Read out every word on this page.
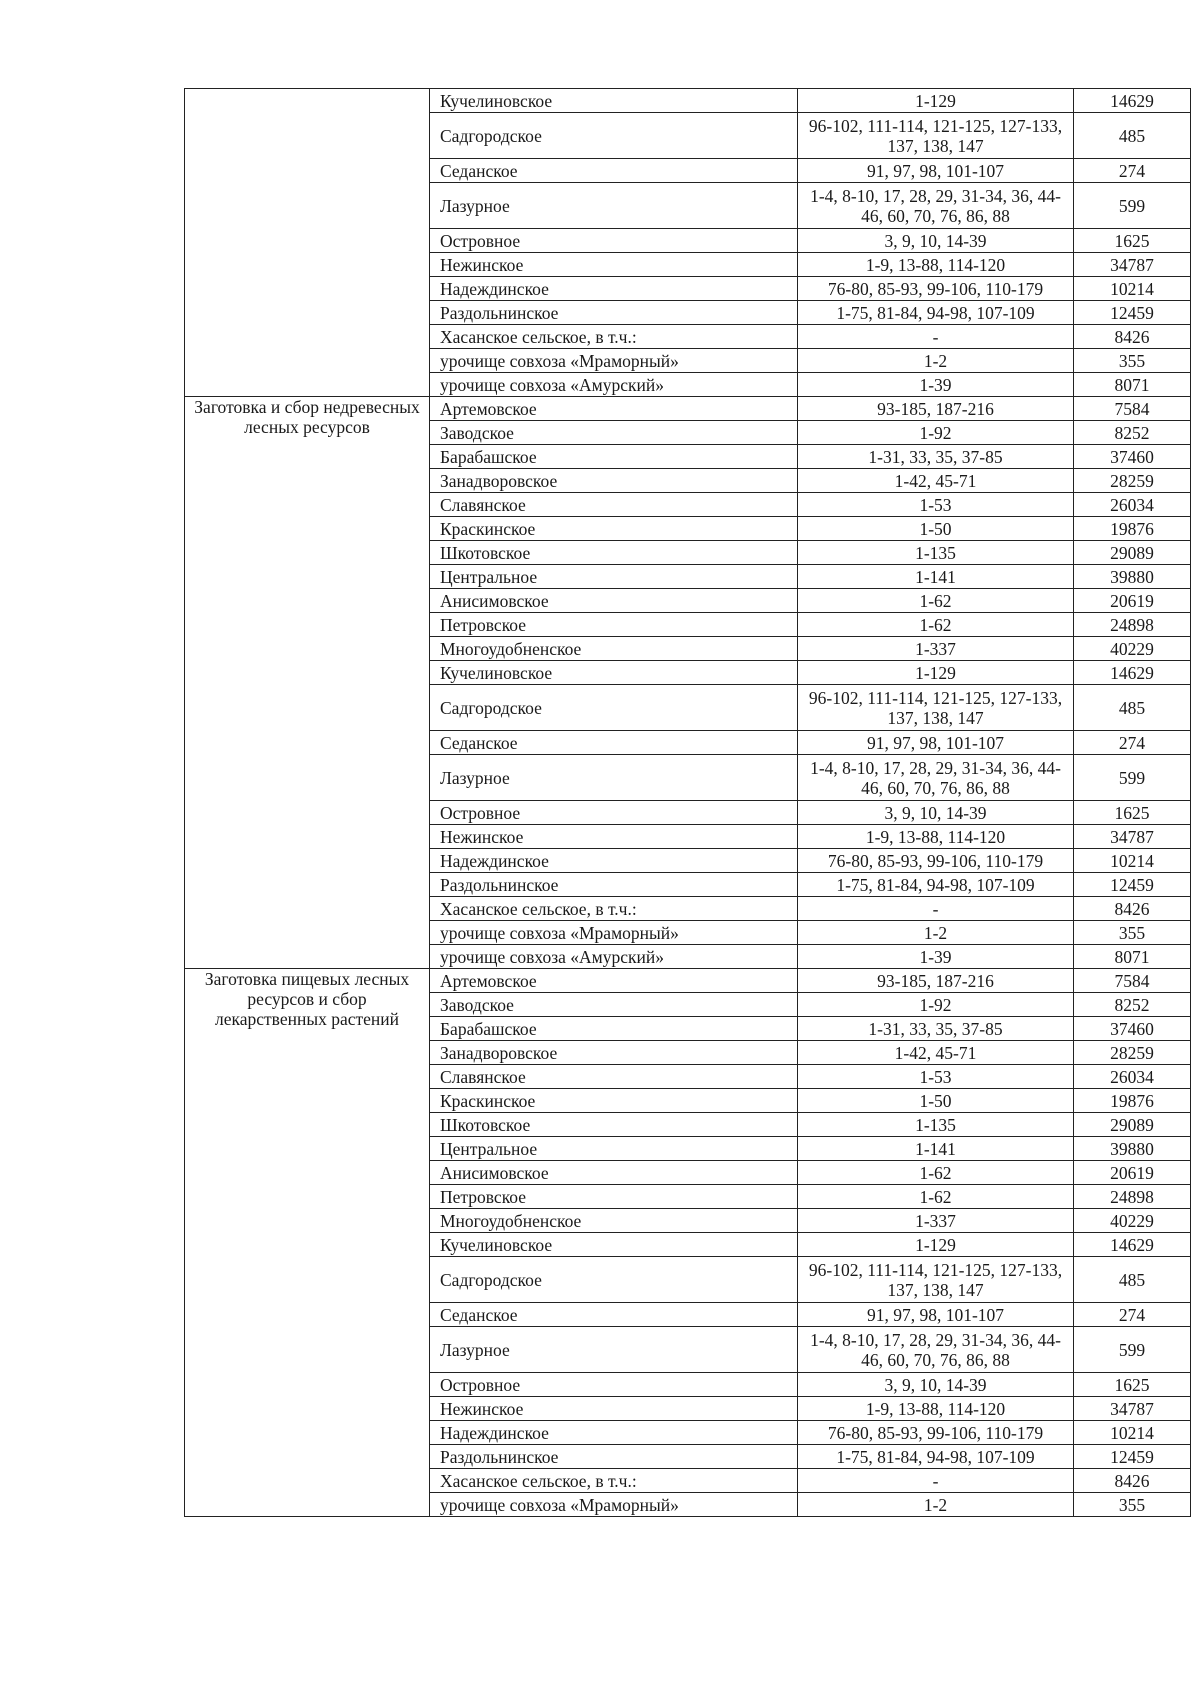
	Кучелиновское	1-129	14629
	Садгородское	96-102, 111-114, 121-125, 127-133, 137, 138, 147	485
	Седанское	91, 97, 98, 101-107	274
	Лазурное	1-4, 8-10, 17, 28, 29, 31-34, 36, 44-46, 60, 70, 76, 86, 88	599
	Островное	3, 9, 10, 14-39	1625
	Нежинское	1-9, 13-88, 114-120	34787
	Надеждинское	76-80, 85-93, 99-106, 110-179	10214
	Раздольнинское	1-75, 81-84, 94-98, 107-109	12459
	Хасанское сельское, в т.ч.:	-	8426
	урочище совхоза «Мраморный»	1-2	355
	урочище совхоза «Амурский»	1-39	8071
Заготовка и сбор недревесных лесных ресурсов	Артемовское	93-185, 187-216	7584
	Заводское	1-92	8252
	Барабашское	1-31, 33, 35, 37-85	37460
	Занадворовское	1-42, 45-71	28259
	Славянское	1-53	26034
	Краскинское	1-50	19876
	Шкотовское	1-135	29089
	Центральное	1-141	39880
	Анисимовское	1-62	20619
	Петровское	1-62	24898
	Многоудобненское	1-337	40229
	Кучелиновское	1-129	14629
	Садгородское	96-102, 111-114, 121-125, 127-133, 137, 138, 147	485
	Седанское	91, 97, 98, 101-107	274
	Лазурное	1-4, 8-10, 17, 28, 29, 31-34, 36, 44-46, 60, 70, 76, 86, 88	599
	Островное	3, 9, 10, 14-39	1625
	Нежинское	1-9, 13-88, 114-120	34787
	Надеждинское	76-80, 85-93, 99-106, 110-179	10214
	Раздольнинское	1-75, 81-84, 94-98, 107-109	12459
	Хасанское сельское, в т.ч.:	-	8426
	урочище совхоза «Мраморный»	1-2	355
	урочище совхоза «Амурский»	1-39	8071
Заготовка пищевых лесных ресурсов и сбор лекарственных растений	Артемовское	93-185, 187-216	7584
	Заводское	1-92	8252
	Барабашское	1-31, 33, 35, 37-85	37460
	Занадворовское	1-42, 45-71	28259
	Славянское	1-53	26034
	Краскинское	1-50	19876
	Шкотовское	1-135	29089
	Центральное	1-141	39880
	Анисимовское	1-62	20619
	Петровское	1-62	24898
	Многоудобненское	1-337	40229
	Кучелиновское	1-129	14629
	Садгородское	96-102, 111-114, 121-125, 127-133, 137, 138, 147	485
	Седанское	91, 97, 98, 101-107	274
	Лазурное	1-4, 8-10, 17, 28, 29, 31-34, 36, 44-46, 60, 70, 76, 86, 88	599
	Островное	3, 9, 10, 14-39	1625
	Нежинское	1-9, 13-88, 114-120	34787
	Надеждинское	76-80, 85-93, 99-106, 110-179	10214
	Раздольнинское	1-75, 81-84, 94-98, 107-109	12459
	Хасанское сельское, в т.ч.:	-	8426
	урочище совхоза «Мраморный»	1-2	355
